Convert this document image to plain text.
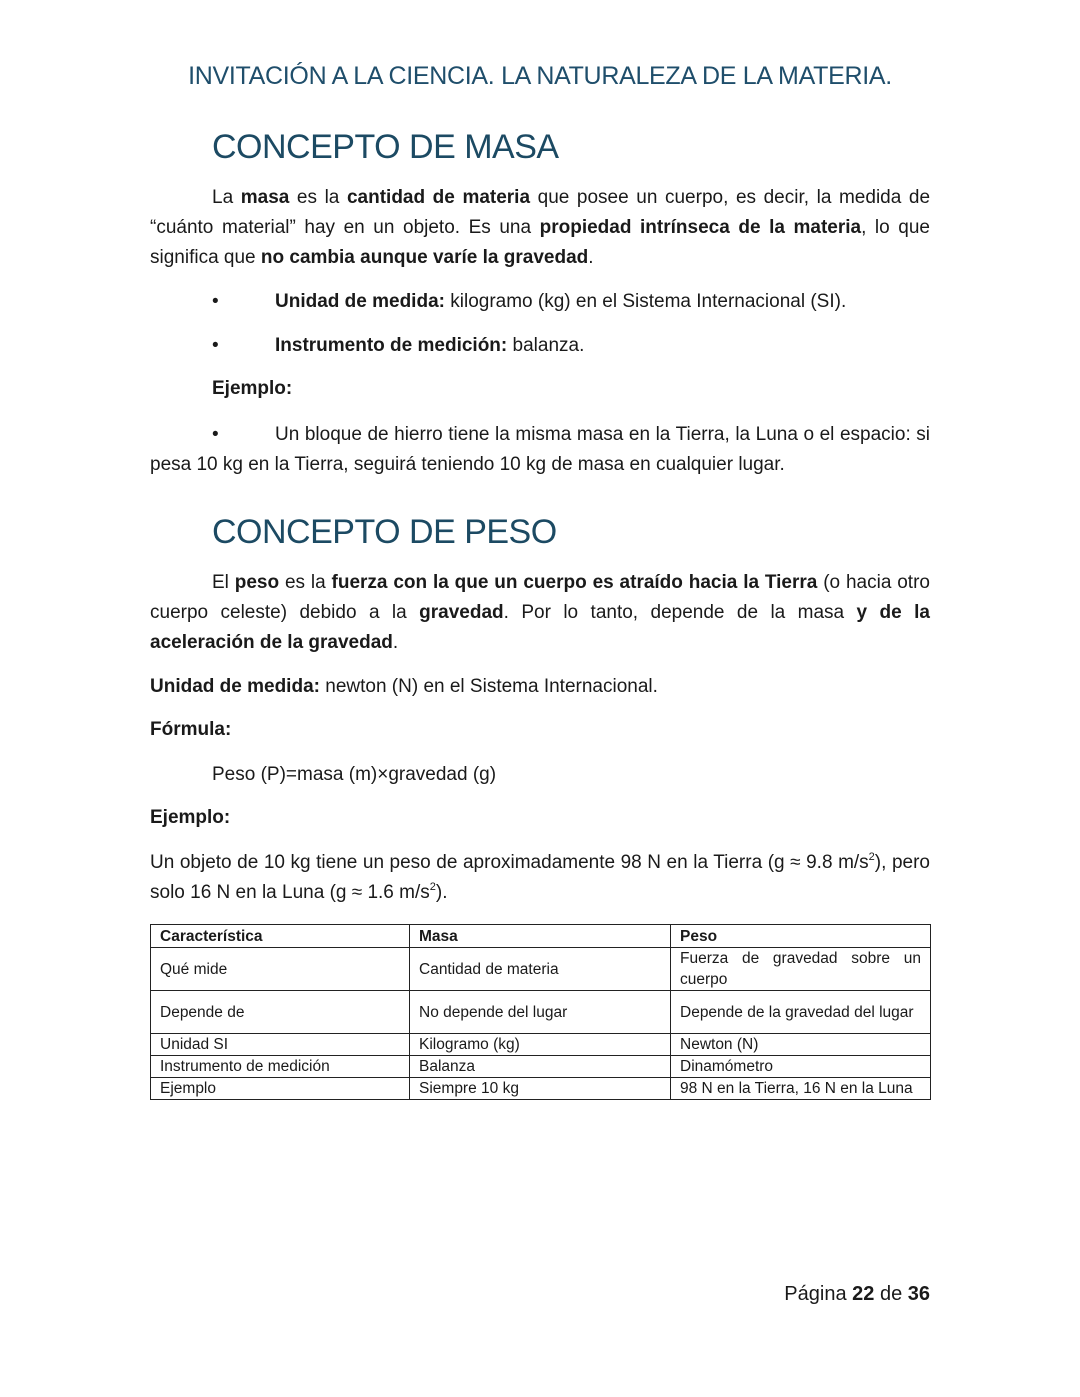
INVITACIÓN A LA CIENCIA. LA NATURALEZA DE LA MATERIA.
CONCEPTO DE MASA

La masa es la cantidad de materia que posee un cuerpo, es decir, la medida de “cuánto material” hay en un objeto. Es una propiedad intrínseca de la materia, lo que significa que no cambia aunque varíe la gravedad.

•	Unidad de medida: kilogramo (kg) en el Sistema Internacional (SI).
•	Instrumento de medición: balanza.
Ejemplo:
•	Un bloque de hierro tiene la misma masa en la Tierra, la Luna o el espacio: si pesa 10 kg en la Tierra, seguirá teniendo 10 kg de masa en cualquier lugar.

CONCEPTO DE PESO

El peso es la fuerza con la que un cuerpo es atraído hacia la Tierra (o hacia otro cuerpo celeste) debido a la gravedad. Por lo tanto, depende de la masa y de la aceleración de la gravedad.

Unidad de medida: newton (N) en el Sistema Internacional.
Fórmula:
Peso (P)=masa (m)×gravedad (g)
Ejemplo:

Un objeto de 10 kg tiene un peso de aproximadamente 98 N en la Tierra (g ≈ 9.8 $m/s^2$), pero solo 16 N en la Luna (g ≈ 1.6 $m/s^2$).

Característica	Masa	Peso
Qué mide	Cantidad de materia	Fuerza de gravedad sobre un cuerpo
Depende de	No depende del lugar	Depende de la gravedad del lugar
Unidad SI	Kilogramo (kg)	Newton (N)
Instrumento de medición	Balanza	Dinamómetro
Ejemplo	Siempre 10 kg	98 N en la Tierra, 16 N en la Luna
Página 22 de 36
